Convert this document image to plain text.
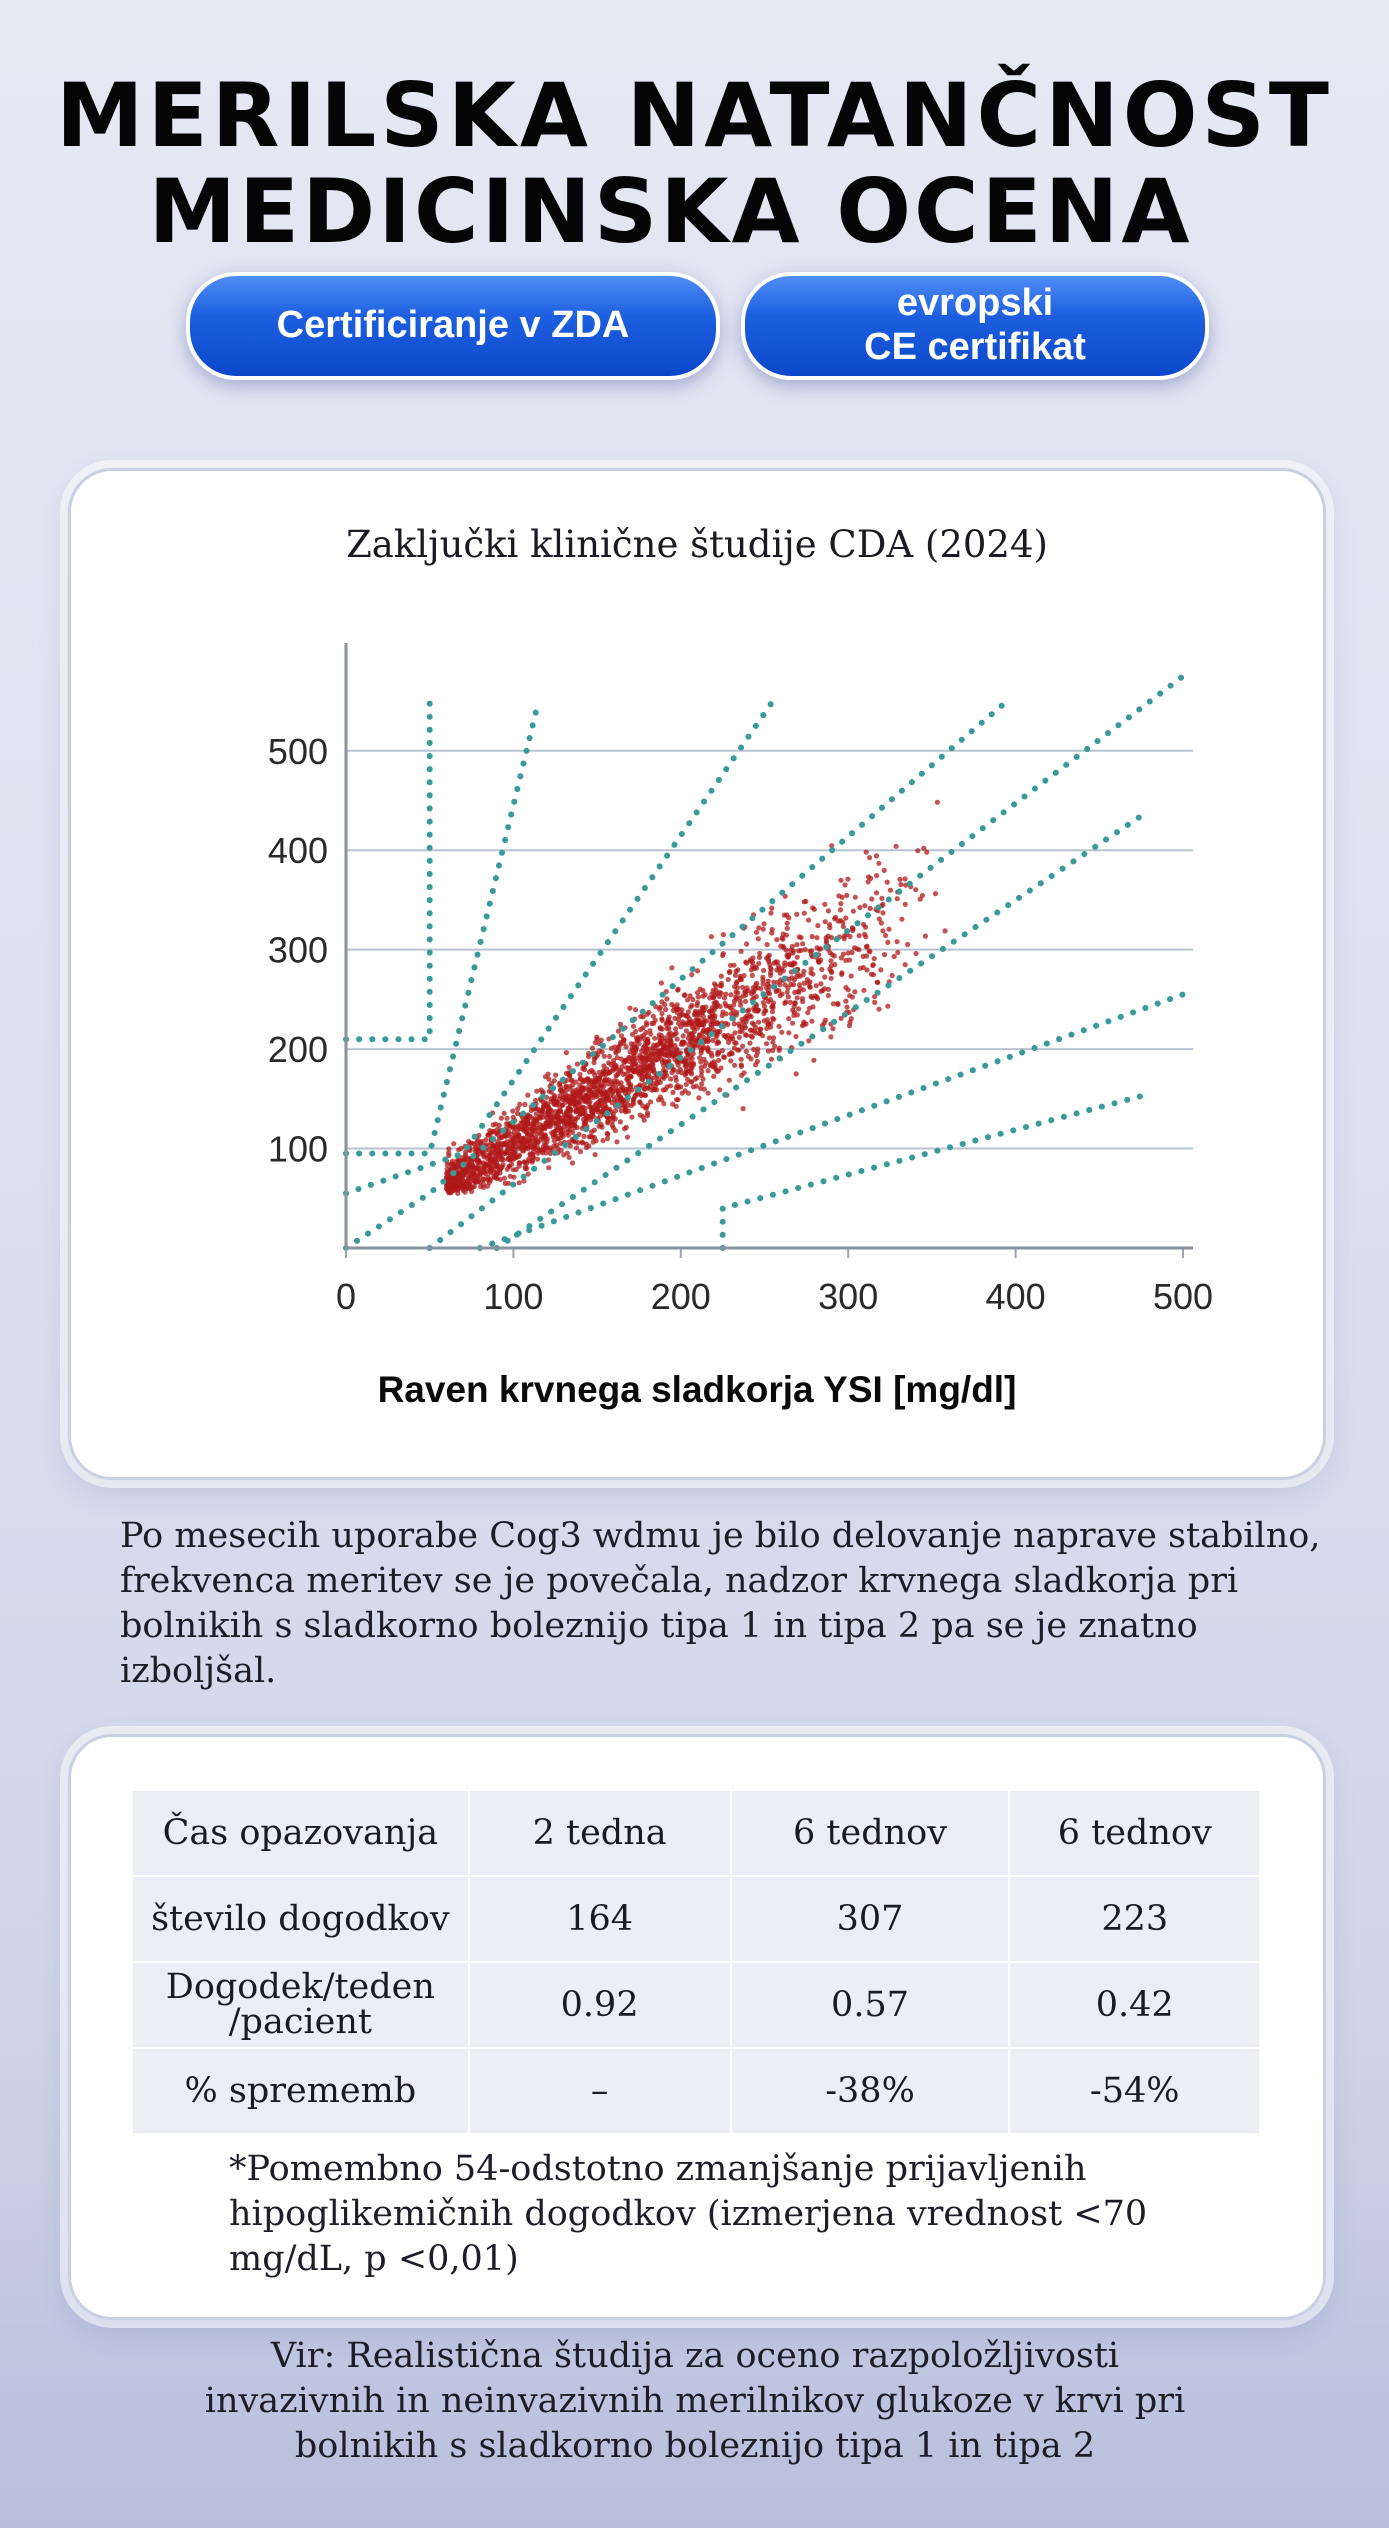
MERILSKA NATANČNOST
MEDICINSKA OCENA
Certificiranje v ZDA
evropski
CE certifikat

Zaključki klinične študije CDA (2024)

100
200
300
400
500
0	100	200	300	400	500
Raven krvnega sladkorja YSI [mg/dl]

Po mesecih uporabe Cog3 wdmu je bilo delovanje naprave stabilno, frekvenca meritev se je povečala, nadzor krvnega sladkorja pri bolnikih s sladkorno boleznijo tipa 1 in tipa 2 pa se je znatno izboljšal.

Čas opazovanja	2 tedna	6 tednov	6 tednov
število dogodkov	164	307	223
Dogodek/teden /pacient	0.92	0.57	0.42
% sprememb	–	-38%	-54%

*Pomembno 54-odstotno zmanjšanje prijavljenih hipoglikemičnih dogodkov (izmerjena vrednost <70 mg/dL, p <0,01)

Vir: Realistična študija za oceno razpoložljivosti invazivnih in neinvazivnih merilnikov glukoze v krvi pri bolnikih s sladkorno boleznijo tipa 1 in tipa 2
